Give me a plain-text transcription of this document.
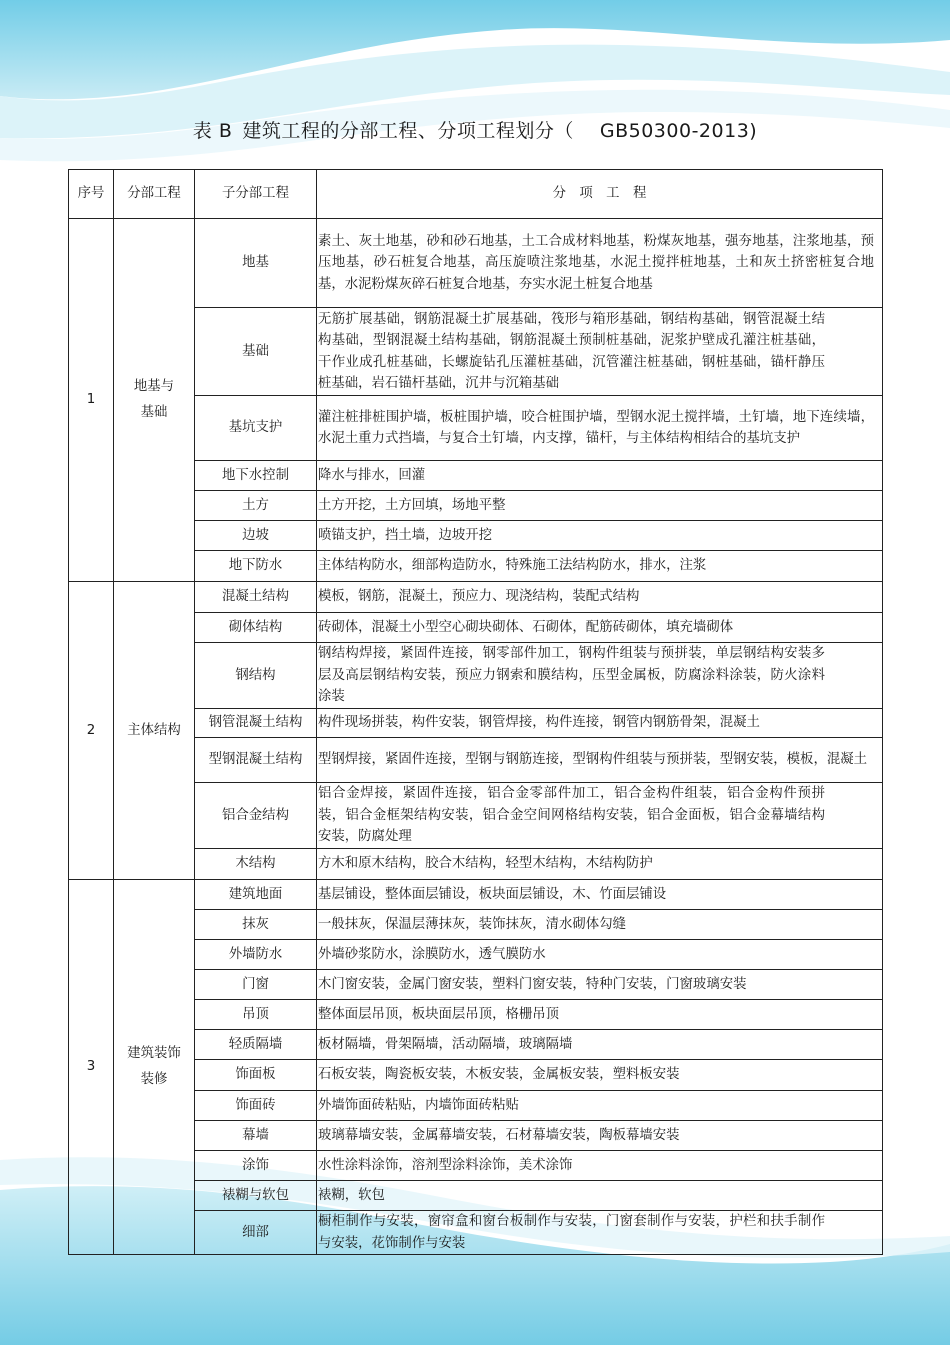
表 B 建筑工程的分部工程、分项工程划分（ GB50300-2013)
序号	分部工程	子分部工程	分　项　工　程
1	地基与基础	地基	素土、灰土地基，砂和砂石地基，土工合成材料地基，粉煤灰地基，强夯地基，注浆地基，预压地基，砂石桩复合地基，高压旋喷注浆地基，水泥土搅拌桩地基，土和灰土挤密桩复合地基，水泥粉煤灰碎石桩复合地基，夯实水泥土桩复合地基

		基础	无筋扩展基础，钢筋混凝土扩展基础，筏形与箱形基础，钢结构基础，钢管混凝土结构基础，型钢混凝土结构基础，钢筋混凝土预制桩基础，泥浆护壁成孔灌注桩基础，干作业成孔桩基础，长螺旋钻孔压灌桩基础，沉管灌注桩基础，钢桩基础，锚杆静压桩基础，岩石锚杆基础，沉井与沉箱基础

		基坑支护	灌注桩排桩围护墙，板桩围护墙，咬合桩围护墙，型钢水泥土搅拌墙，土钉墙，地下连续墙，水泥土重力式挡墙，与复合土钉墙，内支撑，锚杆，与主体结构相结合的基坑支护

		地下水控制	降水与排水，回灌

		土方	土方开挖，土方回填，场地平整

		边坡	喷锚支护，挡土墙，边坡开挖

		地下防水	主体结构防水，细部构造防水，特殊施工法结构防水，排水，注浆

2	主体结构	混凝土结构	模板，钢筋，混凝土，预应力、现浇结构，装配式结构

		砌体结构	砖砌体，混凝土小型空心砌块砌体、石砌体，配筋砖砌体，填充墙砌体

		钢结构	钢结构焊接，紧固件连接，钢零部件加工，钢构件组装与预拼装，单层钢结构安装多层及高层钢结构安装，预应力钢索和膜结构，压型金属板，防腐涂料涂装，防火涂料涂装

		钢管混凝土结构	构件现场拼装，构件安装，钢管焊接，构件连接，钢管内钢筋骨架，混凝土

		型钢混凝土结构	型钢焊接，紧固件连接，型钢与钢筋连接，型钢构件组装与预拼装，型钢安装，模板，混凝土

		铝合金结构	铝合金焊接，紧固件连接，铝合金零部件加工，铝合金构件组装，铝合金构件预拼装，铝合金框架结构安装，铝合金空间网格结构安装，铝合金面板，铝合金幕墙结构安装，防腐处理

		木结构	方木和原木结构，胶合木结构，轻型木结构，木结构防护

3	建筑装饰装修	建筑地面	基层铺设，整体面层铺设，板块面层铺设，木、竹面层铺设

		抹灰	一般抹灰，保温层薄抹灰，装饰抹灰，清水砌体勾缝

		外墙防水	外墙砂浆防水，涂膜防水，透气膜防水

		门窗	木门窗安装，金属门窗安装，塑料门窗安装，特种门安装，门窗玻璃安装

		吊顶	整体面层吊顶，板块面层吊顶，格栅吊顶

		轻质隔墙	板材隔墙，骨架隔墙，活动隔墙，玻璃隔墙

		饰面板	石板安装，陶瓷板安装，木板安装，金属板安装，塑料板安装

		饰面砖	外墙饰面砖粘贴，内墙饰面砖粘贴

		幕墙	玻璃幕墙安装，金属幕墙安装，石材幕墙安装，陶板幕墙安装

		涂饰	水性涂料涂饰，溶剂型涂料涂饰，美术涂饰

		裱糊与软包	裱糊，软包

		细部	橱柜制作与安装，窗帘盒和窗台板制作与安装，门窗套制作与安装，护栏和扶手制作与安装，花饰制作与安装
